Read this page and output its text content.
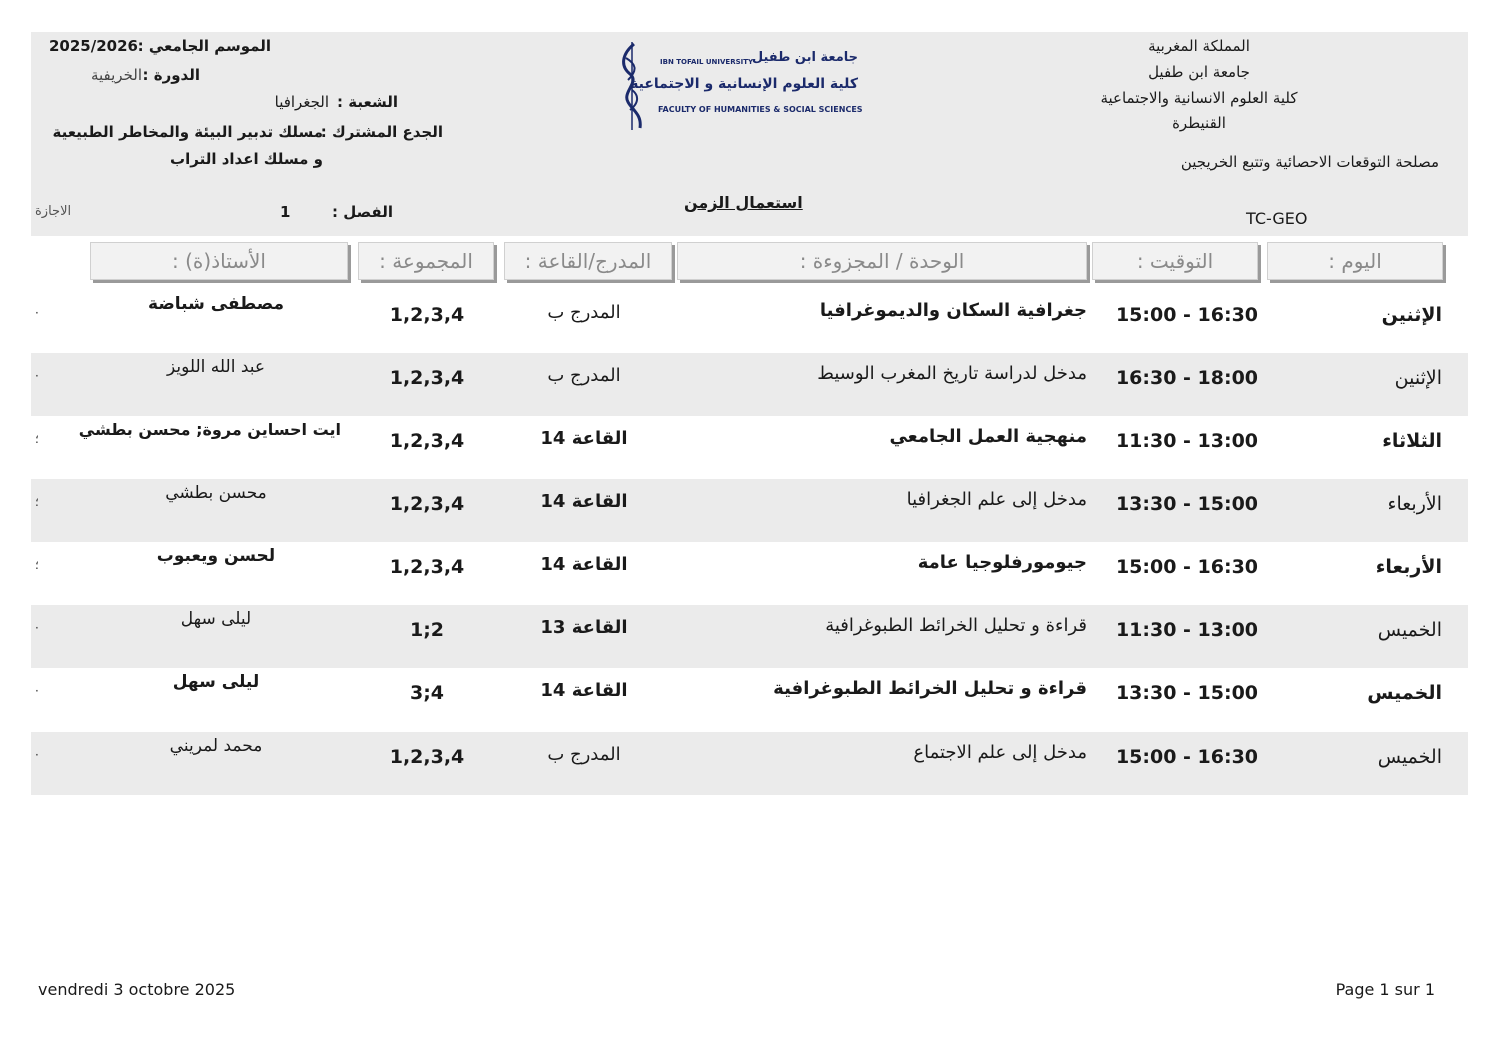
المملكة المغربية
جامعة ابن طفيل
كلية العلوم الانسانية والاجتماعية
القنيطرة
مصلحة التوقعات الاحصائية وتتبع الخريجين
TC-GEO
جامعة ابن طفيل
IBN TOFAIL UNIVERSITY
كلية العلوم الإنسانية و الاجتماعية
FACULTY OF HUMANITIES & SOCIAL SCIENCES
الموسم الجامعي :
2025/2026
الدورة :
الخريفية
الشعبة :
الجغرافيا
الجدع المشترك :
مسلك تدبير البيئة والمخاطر الطبيعية
و مسلك اعداد التراب
استعمال الزمن
الفصل :
1
الاجازة
اليوم :
التوقيت :
الوحدة / المجزوءة :
المدرج/القاعة :
المجموعة :
الأستاذ(ة) :
الإثنين
15:00 - 16:30
جغرافية السكان والديموغرافيا
المدرج ب
1,2,3,4
مصطفى شباضة
·
الإثنين
16:30 - 18:00
مدخل لدراسة تاريخ المغرب الوسيط
المدرج ب
1,2,3,4
عبد الله اللويز
·
الثلاثاء
11:30 - 13:00
منهجية العمل الجامعي
القاعة 14
1,2,3,4
ايت احساين مروة; محسن بطشي
؛
الأربعاء
13:30 - 15:00
مدخل إلى علم الجغرافيا
القاعة 14
1,2,3,4
محسن بطشي
؛
الأربعاء
15:00 - 16:30
جيومورفلوجيا عامة
القاعة 14
1,2,3,4
لحسن ويعبوب
؛
الخميس
11:30 - 13:00
قراءة و تحليل الخرائط الطبوغرافية
القاعة 13
1;2
ليلى سهل
·
الخميس
13:30 - 15:00
قراءة و تحليل الخرائط الطبوغرافية
القاعة 14
3;4
ليلى سهل
·
الخميس
15:00 - 16:30
مدخل إلى علم الاجتماع
المدرج ب
1,2,3,4
محمد لمريني
·
vendredi 3 octobre 2025	Page 1 sur 1
